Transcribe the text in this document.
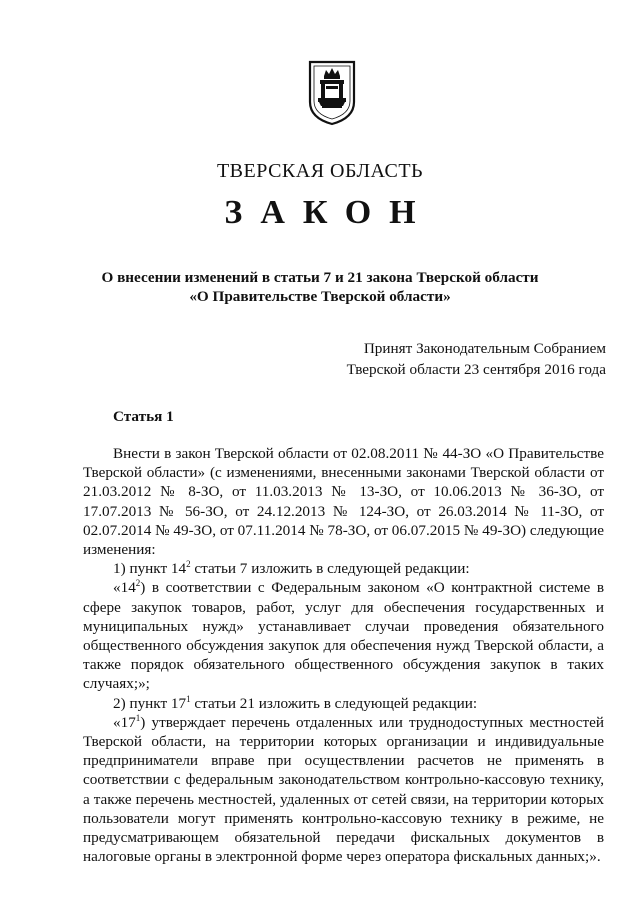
ТВЕРСКАЯ ОБЛАСТЬ
ЗАКОН
О внесении изменений в статьи 7 и 21 закона Тверской области
«О Правительстве Тверской области»
Принят Законодательным Собранием
Тверской области 23 сентября 2016 года
Статья 1

Внести в закон Тверской области от 02.08.2011 № 44-ЗО «О Правительстве Тверской области» (с изменениями, внесенными законами Тверской области от 21.03.2012 № 8-ЗО, от 11.03.2013 № 13-ЗО, от 10.06.2013 № 36-ЗО, от 17.07.2013 № 56-ЗО, от 24.12.2013 № 124-ЗО, от 26.03.2014 № 11-ЗО, от 02.07.2014 № 49-ЗО, от 07.11.2014 № 78-ЗО, от 06.07.2015 № 49-ЗО) следующие изменения:

1) пункт $14^2$ статьи 7 изложить в следующей редакции:

«$14^2$) в соответствии с Федеральным законом «О контрактной системе в сфере закупок товаров, работ, услуг для обеспечения государственных и муниципальных нужд» устанавливает случаи проведения обязательного общественного обсуждения закупок для обеспечения нужд Тверской области, а также порядок обязательного общественного обсуждения закупок в таких случаях;»;

2) пункт $17^1$ статьи 21 изложить в следующей редакции:

«$17^1$) утверждает перечень отдаленных или труднодоступных местностей Тверской области, на территории которых организации и индивидуальные предприниматели вправе при осуществлении расчетов не применять в соответствии с федеральным законодательством контрольно-кассовую технику, а также перечень местностей, удаленных от сетей связи, на территории которых пользователи могут применять контрольно-кассовую технику в режиме, не предусматривающем обязательной передачи фискальных документов в налоговые органы в электронной форме через оператора фискальных данных;».
